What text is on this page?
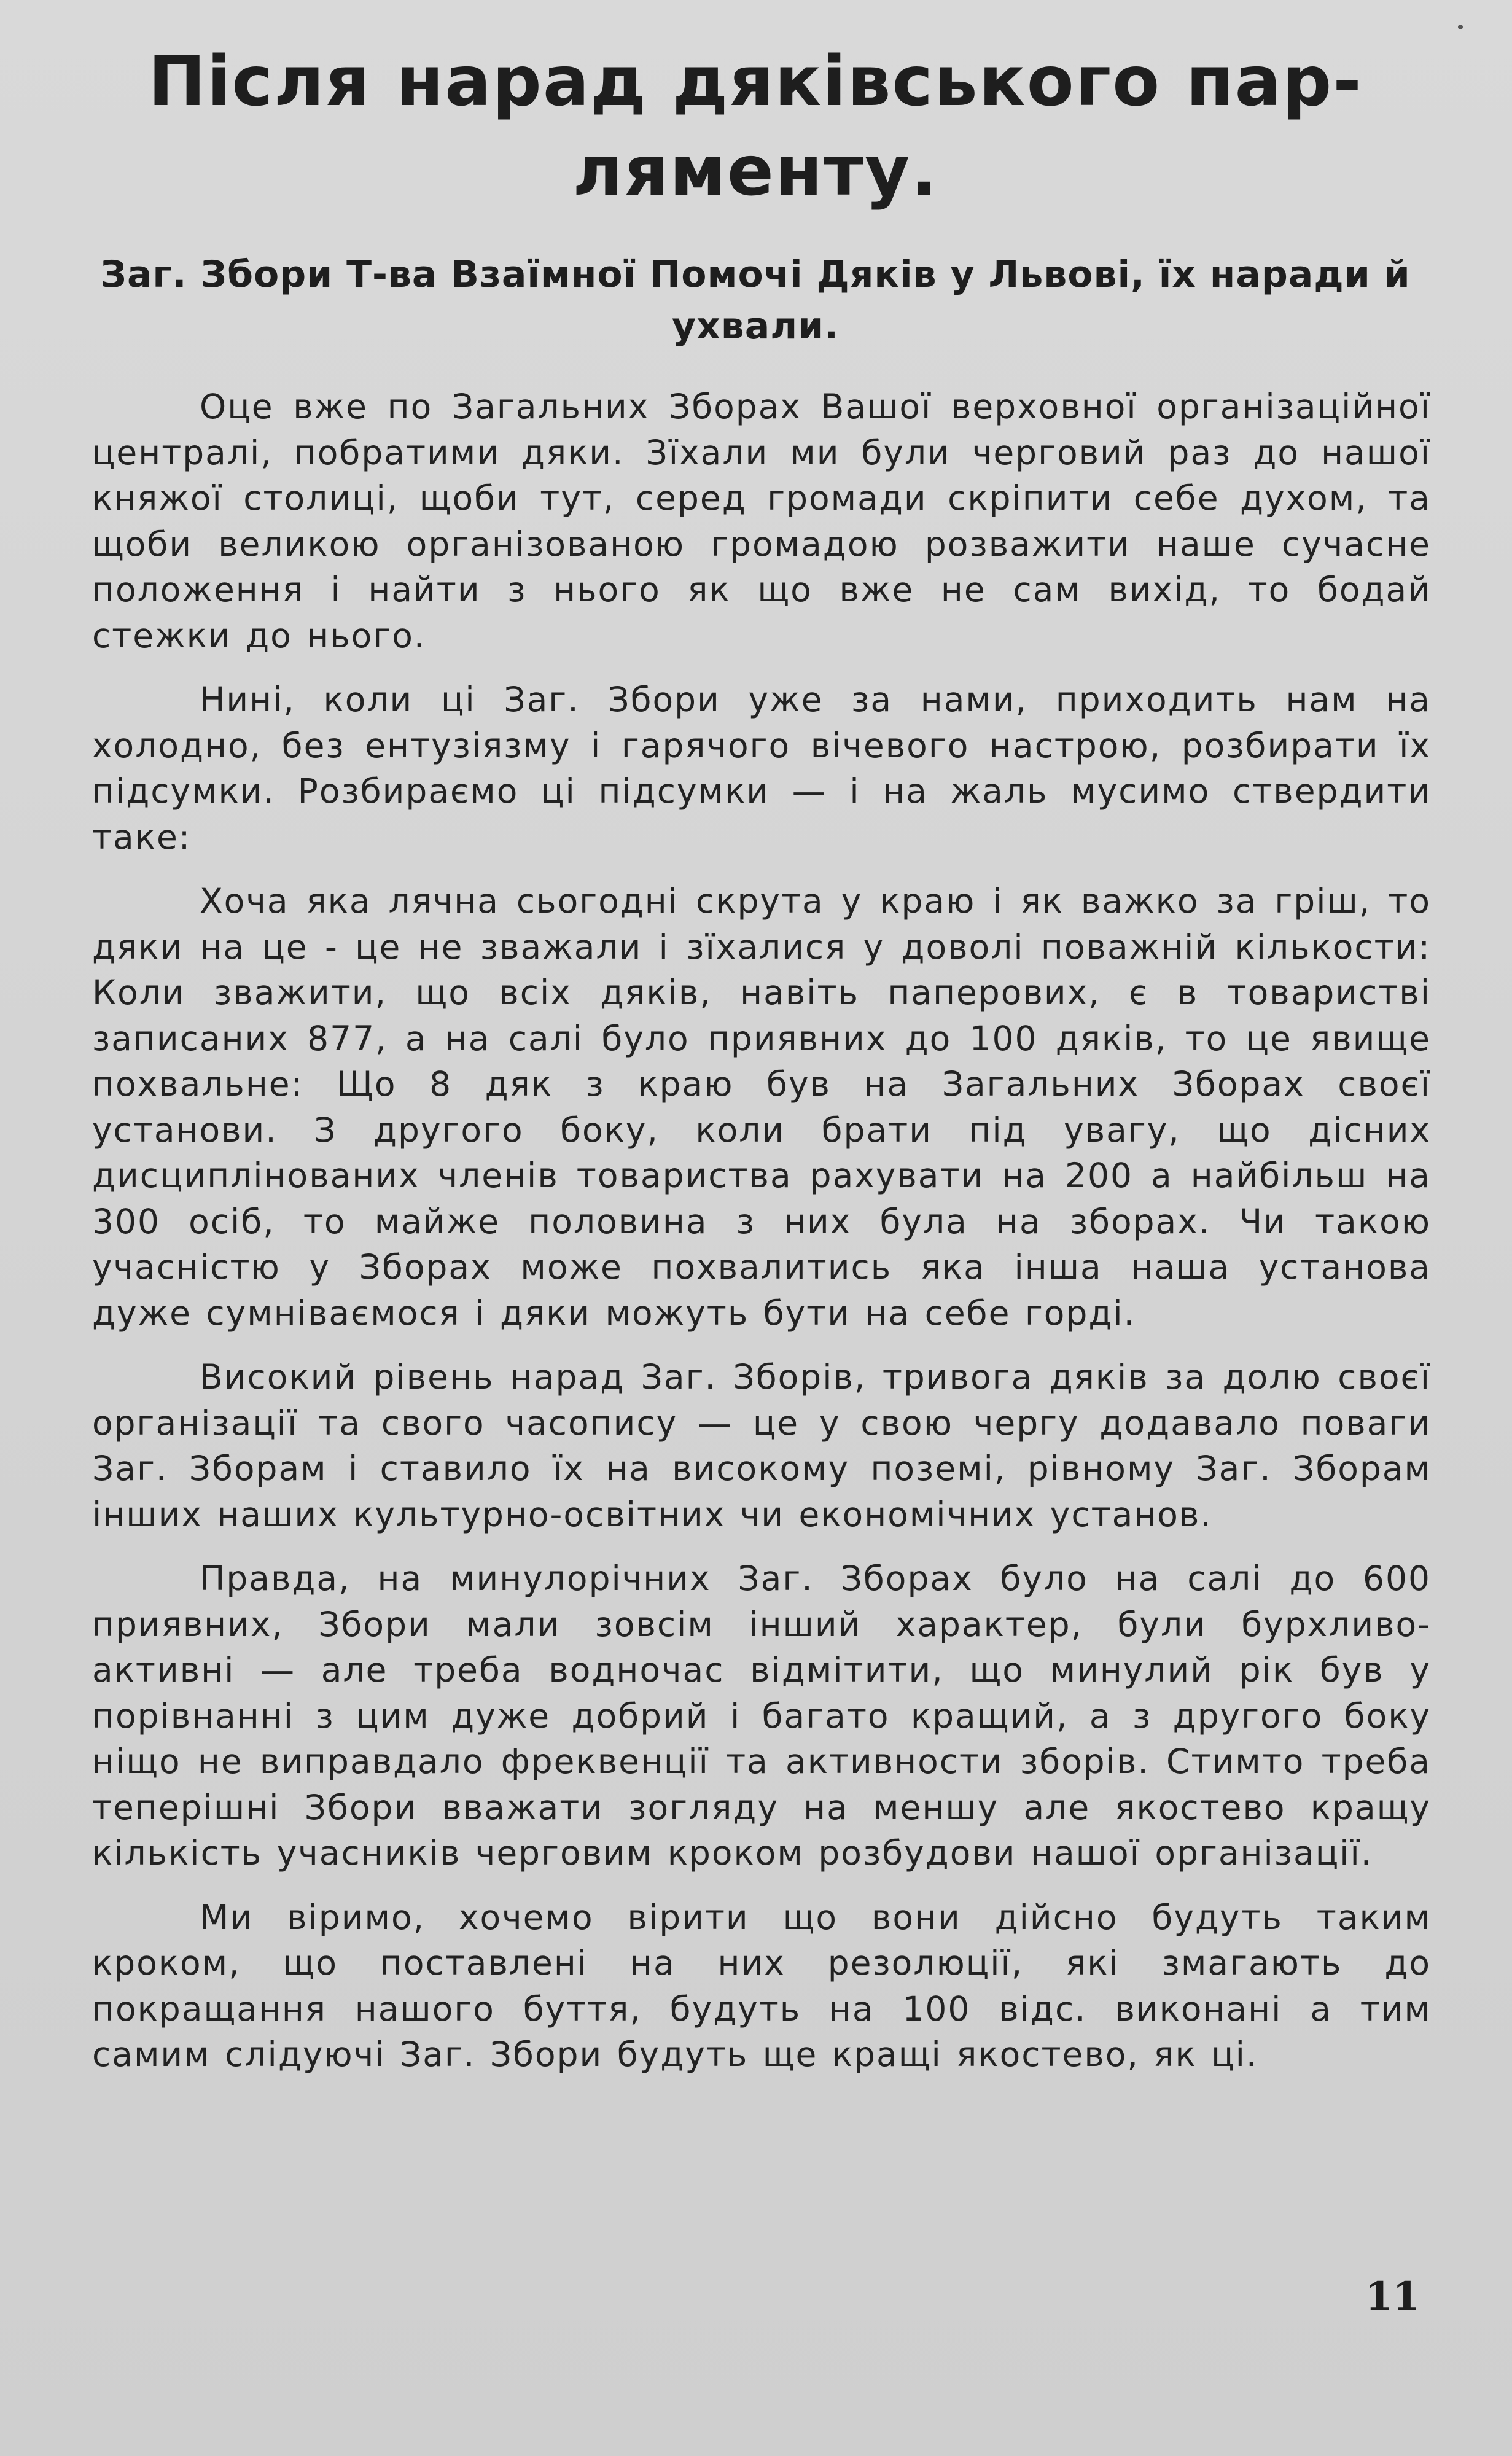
Після нарад дяківського пар-ляменту.
Заг. Збори Т-ва Взаїмної Помочі Дяків у Львові, їх наради й ухвали.

Оце вже по Загальних Зборах Вашої верховної організаційної централі, побратими дяки. Зїхали ми були черговий раз до нашої княжої столиці, щоби тут, серед громади скріпити себе духом, та щоби великою організованою громадою розважити наше сучасне положення і найти з нього як що вже не сам вихід, то бодай стежки до нього.

Нині, коли ці Заг. Збори уже за нами, приходить нам на холодно, без ентузіязму і гарячого вічевого настрою, розбирати їх підсумки. Розбираємо ці підсумки — і на жаль мусимо ствердити таке:

Хоча яка лячна сьогодні скрута у краю і як важко за гріш, то дяки на це - це не зважали і зїхалися у доволі поважній кількости: Коли зважити, що всіх дяків, навіть паперових, є в товаристві записаних 877, а на салі було приявних до 100 дяків, то це явище похвальне: Що 8 дяк з краю був на Загальних Зборах своєї установи. З другого боку, коли брати під увагу, що дісних дисциплінованих членів товариства рахувати на 200 а найбільш на 300 осіб, то майже половина з них була на зборах. Чи такою учасністю у Зборах може похвалитись яка інша наша установа дуже сумніваємося і дяки можуть бути на себе горді.

Високий рівень нарад Заг. Зборів, тривога дяків за долю своєї організації та свого часопису — це у свою чергу додавало поваги Заг. Зборам і ставило їх на високому поземі, рівному Заг. Зборам інших наших культурно-освітних чи економічних установ.

Правда, на минулорічних Заг. Зборах було на салі до 600 приявних, Збори мали зовсім інший характер, були бурхливо-активні — але треба водночас відмітити, що минулий рік був у порівнанні з цим дуже добрий і багато кращий, а з другого боку ніщо не виправдало фреквенції та активности зборів. Стимто треба теперішні Збори вважати зогляду на меншу але якостево кращу кількість учасників черговим кроком розбудови нашої організації.

Ми віримо, хочемо вірити що вони дійсно будуть таким кроком, що поставлені на них резолюції, які змагають до покращання нашого буття, будуть на 100 відс. виконані а тим самим слідуючі Заг. Збори будуть ще кращі якостево, як ці.

11
